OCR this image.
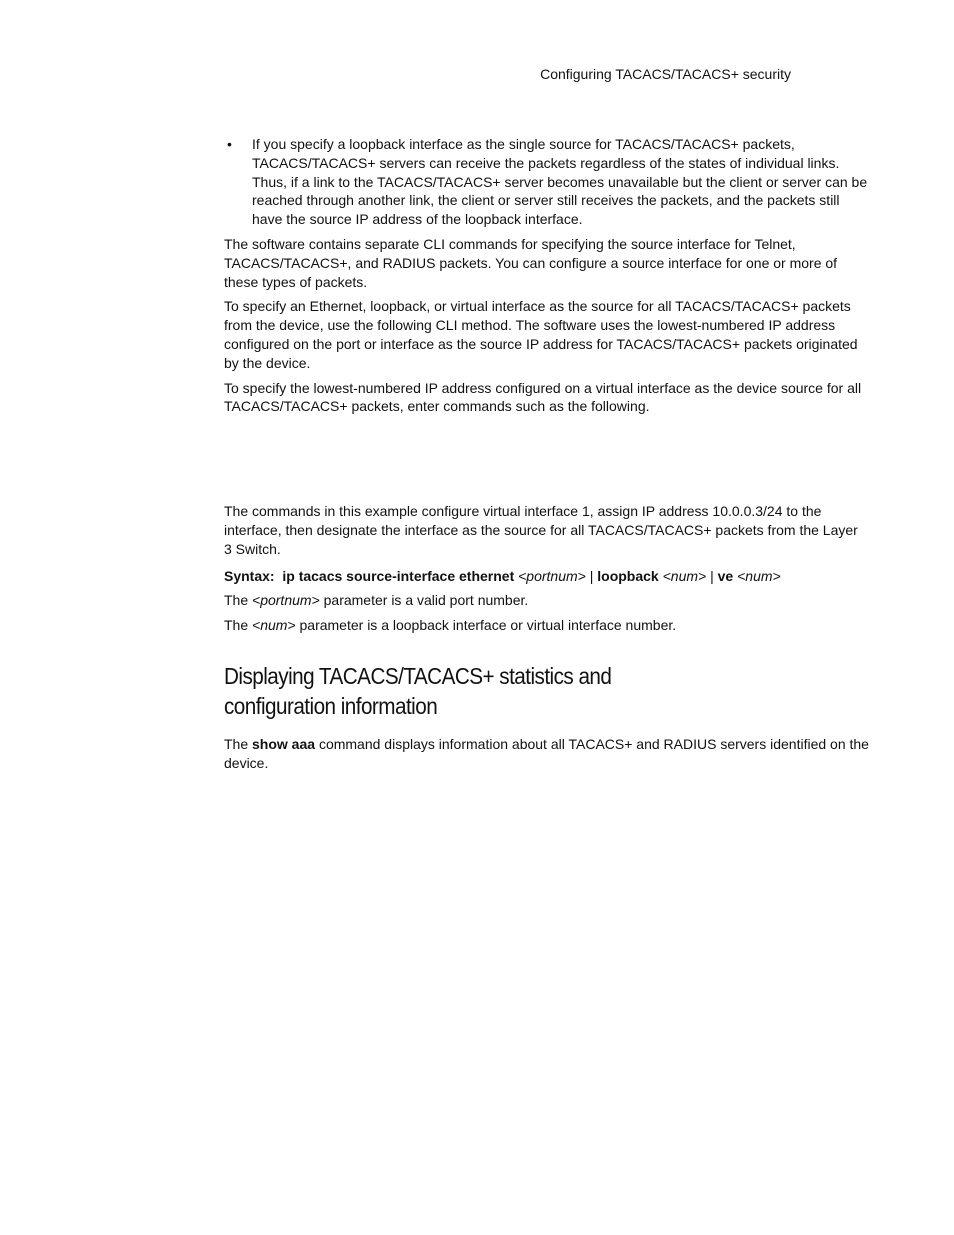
Configuring TACACS/TACACS+ security
• If you specify a loopback interface as the single source for TACACS/TACACS+ packets, TACACS/TACACS+ servers can receive the packets regardless of the states of individual links. Thus, if a link to the TACACS/TACACS+ server becomes unavailable but the client or server can be reached through another link, the client or server still receives the packets, and the packets still have the source IP address of the loopback interface.

The software contains separate CLI commands for specifying the source interface for Telnet, TACACS/TACACS+, and RADIUS packets. You can configure a source interface for one or more of these types of packets.

To specify an Ethernet, loopback, or virtual interface as the source for all TACACS/TACACS+ packets from the device, use the following CLI method. The software uses the lowest-numbered IP address configured on the port or interface as the source IP address for TACACS/TACACS+ packets originated by the device.

To specify the lowest-numbered IP address configured on a virtual interface as the device source for all TACACS/TACACS+ packets, enter commands such as the following.

The commands in this example configure virtual interface 1, assign IP address 10.0.0.3/24 to the interface, then designate the interface as the source for all TACACS/TACACS+ packets from the Layer 3 Switch.

Syntax: ip tacacs source-interface ethernet <portnum> | loopback <num> | ve <num>

The <portnum> parameter is a valid port number.

The <num> parameter is a loopback interface or virtual interface number.

Displaying TACACS/TACACS+ statistics and
configuration information

The show aaa command displays information about all TACACS+ and RADIUS servers identified on the device.
